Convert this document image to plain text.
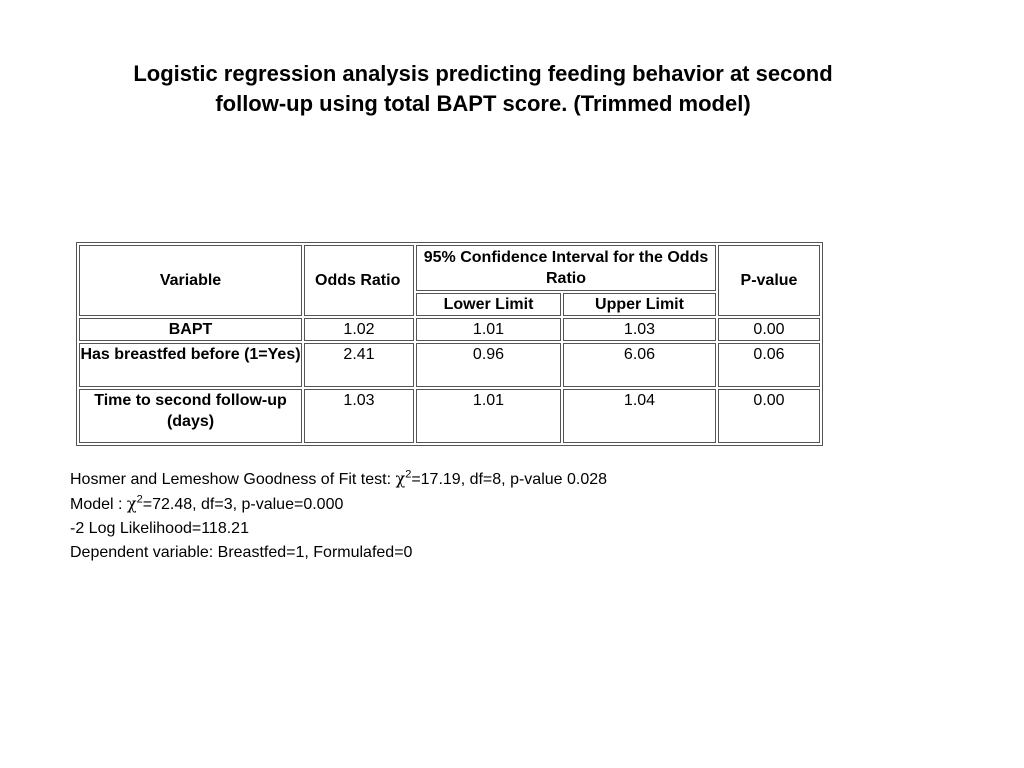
Logistic regression analysis predicting feeding behavior at second
follow-up using total BAPT score. (Trimmed model)
Variable	Odds Ratio	95% Confidence Interval for the Odds Ratio		P-value
		Lower Limit	Upper Limit	
BAPT	1.02	1.01	1.03	0.00
Has breastfed before (1=Yes)	2.41	0.96	6.06	0.06
Time to second follow-up (days)	1.03	1.01	1.04	0.00
Hosmer and Lemeshow Goodness of Fit test: $\chi^2=17.19$, df=8, p-value 0.028
Model : $\chi^2=72.48$, df=3, p-value=0.000
-2 Log Likelihood=118.21
Dependent variable: Breastfed=1, Formulafed=0
